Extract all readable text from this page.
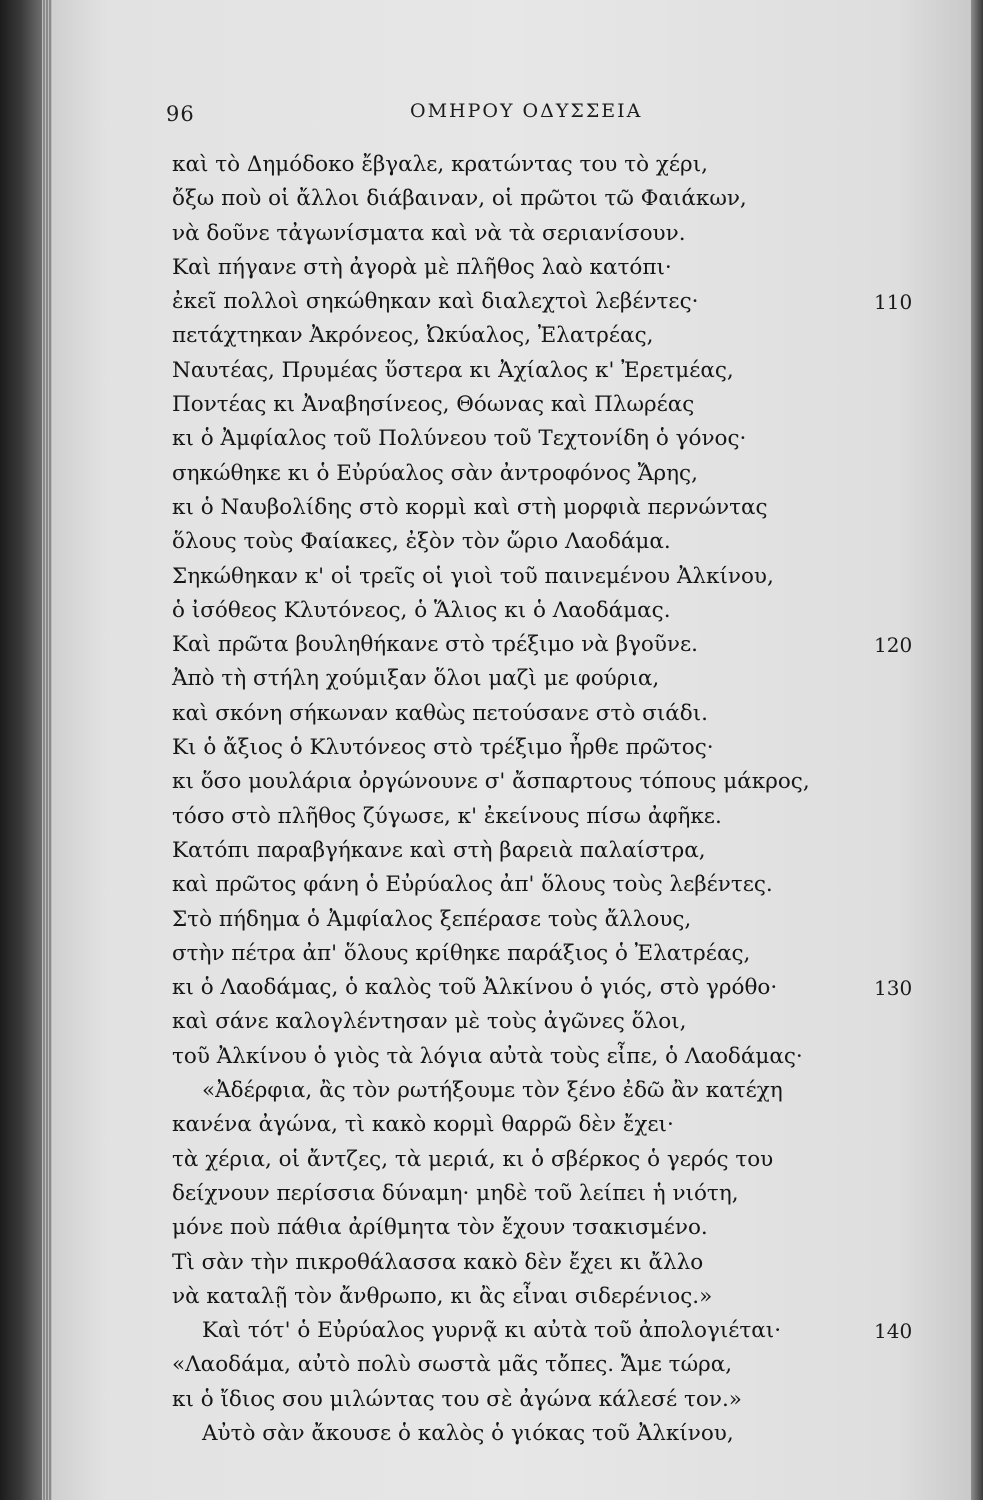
96	ΟΜΗΡΟΥ ΟΔΥΣΣΕΙΑ
καὶ τὸ Δημόδοκο ἔβγαλε, κρατώντας του τὸ χέρι,
ὄξω ποὺ οἱ ἄλλοι διάβαιναν, οἱ πρῶτοι τῶ Φαιάκων,
νὰ δοῦνε τἀγωνίσματα καὶ νὰ τὰ σεριανίσουν.
Καὶ πήγανε στὴ ἀγορὰ μὲ πλῆθος λαὸ κατόπι·
ἐκεῖ πολλοὶ σηκώθηκαν καὶ διαλεχτοὶ λεβέντες·	110
πετάχτηκαν Ἀκρόνεος, Ὠκύαλος, Ἐλατρέας,
Ναυτέας, Πρυμέας ὕστερα κι Ἀχίαλος κ' Ἐρετμέας,
Ποντέας κι Ἀναβησίνεος, Θόωνας καὶ Πλωρέας
κι ὁ Ἀμφίαλος τοῦ Πολύνεου τοῦ Τεχτονίδη ὁ γόνος·
σηκώθηκε κι ὁ Εὐρύαλος σὰν ἀντροφόνος Ἄρης,
κι ὁ Ναυβολίδης στὸ κορμὶ καὶ στὴ μορφιὰ περνώντας
ὅλους τοὺς Φαίακες, ἐξὸν τὸν ὥριο Λαοδάμα.
Σηκώθηκαν κ' οἱ τρεῖς οἱ γιοὶ τοῦ παινεμένου Ἀλκίνου,
ὁ ἰσόθεος Κλυτόνεος, ὁ Ἅλιος κι ὁ Λαοδάμας.
Καὶ πρῶτα βουληθήκανε στὸ τρέξιμο νὰ βγοῦνε.	120
Ἀπὸ τὴ στήλη χούμιξαν ὅλοι μαζὶ με φούρια,
καὶ σκόνη σήκωναν καθὼς πετούσανε στὸ σιάδι.
Κι ὁ ἄξιος ὁ Κλυτόνεος στὸ τρέξιμο ἦρθε πρῶτος·
κι ὅσο μουλάρια ὀργώνουνε σ' ἄσπαρτους τόπους μάκρος,
τόσο στὸ πλῆθος ζύγωσε, κ' ἐκείνους πίσω ἀφῆκε.
Κατόπι παραβγήκανε καὶ στὴ βαρειὰ παλαίστρα,
καὶ πρῶτος φάνη ὁ Εὐρύαλος ἀπ' ὅλους τοὺς λεβέντες.
Στὸ πήδημα ὁ Ἀμφίαλος ξεπέρασε τοὺς ἄλλους,
στὴν πέτρα ἀπ' ὅλους κρίθηκε παράξιος ὁ Ἐλατρέας,
κι ὁ Λαοδάμας, ὁ καλὸς τοῦ Ἀλκίνου ὁ γιός, στὸ γρόθο·	130
καὶ σάνε καλογλέντησαν μὲ τοὺς ἀγῶνες ὅλοι,
τοῦ Ἀλκίνου ὁ γιὸς τὰ λόγια αὐτὰ τοὺς εἶπε, ὁ Λαοδάμας·
«Ἀδέρφια, ἂς τὸν ρωτήξουμε τὸν ξένο ἐδῶ ἂν κατέχη
κανένα ἀγώνα, τὶ κακὸ κορμὶ θαρρῶ δὲν ἔχει·
τὰ χέρια, οἱ ἄντζες, τὰ μεριά, κι ὁ σβέρκος ὁ γερός του
δείχνουν περίσσια δύναμη· μηδὲ τοῦ λείπει ἡ νιότη,
μόνε ποὺ πάθια ἀρίθμητα τὸν ἔχουν τσακισμένο.
Τὶ σὰν τὴν πικροθάλασσα κακὸ δὲν ἔχει κι ἄλλο
νὰ καταλῇ τὸν ἄνθρωπο, κι ἂς εἶναι σιδερένιος.»
Καὶ τότ' ὁ Εὐρύαλος γυρνᾷ κι αὐτὰ τοῦ ἀπολογιέται·	140
«Λαοδάμα, αὐτὸ πολὺ σωστὰ μᾶς τὄπες. Ἄμε τώρα,
κι ὁ ἴδιος σου μιλώντας του σὲ ἀγώνα κάλεσέ τον.»
Αὐτὸ σὰν ἄκουσε ὁ καλὸς ὁ γιόκας τοῦ Ἀλκίνου,
